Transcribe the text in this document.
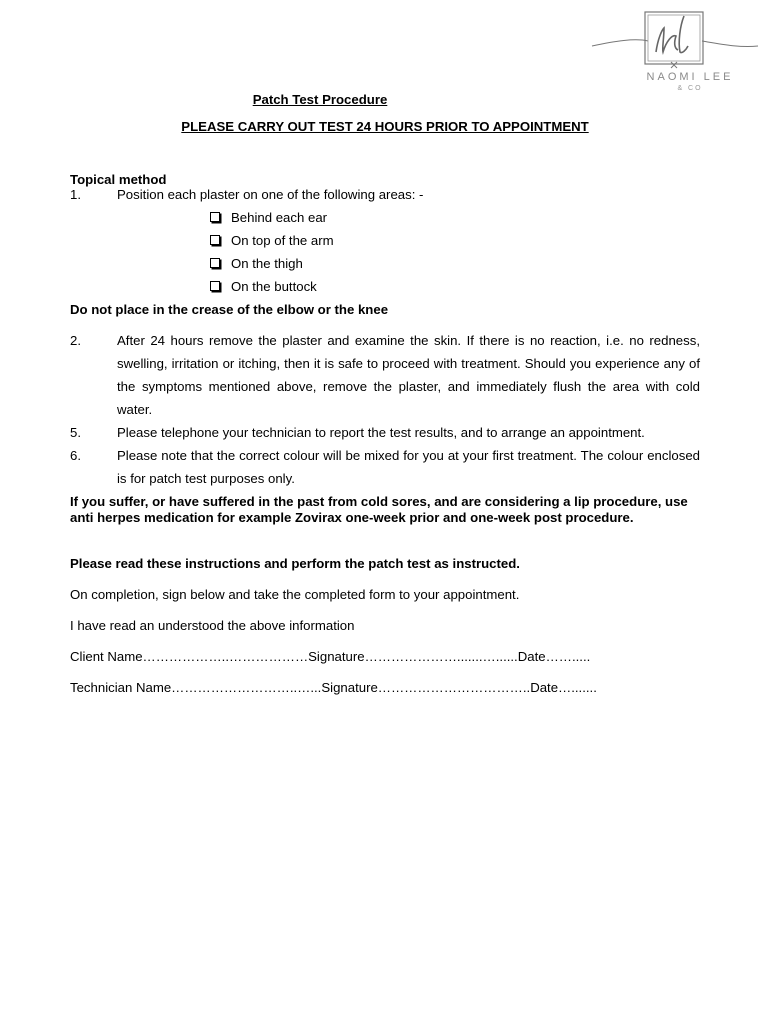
NAOMI LEE
& CO
Patch Test Procedure
PLEASE CARRY OUT TEST 24 HOURS PRIOR TO APPOINTMENT
Topical method
1.	Position each plaster on one of the following areas: -
Behind each ear
On top of the arm
On the thigh
On the buttock
Do not place in the crease of the elbow or the knee
2.	After 24 hours remove the plaster and examine the skin. If there is no reaction, i.e. no redness, swelling, irritation or itching, then it is safe to proceed with treatment. Should you experience any of the symptoms mentioned above, remove the plaster, and immediately flush the area with cold water.
5.	Please telephone your technician to report the test results, and to arrange an appointment.
6.	Please note that the correct colour will be mixed for you at your first treatment. The colour enclosed is for patch test purposes only.
If you suffer, or have suffered in the past from cold sores, and are considering a lip procedure, use anti herpes medication for example Zovirax one-week prior and one-week post procedure.
Please read these instructions and perform the patch test as instructed.
On completion, sign below and take the completed form to your appointment.
I have read an understood the above information
Client Name………………..………………Signature………………….......…......Date…….....
Technician Name………………………..…...Signature……………………………..Date….......
